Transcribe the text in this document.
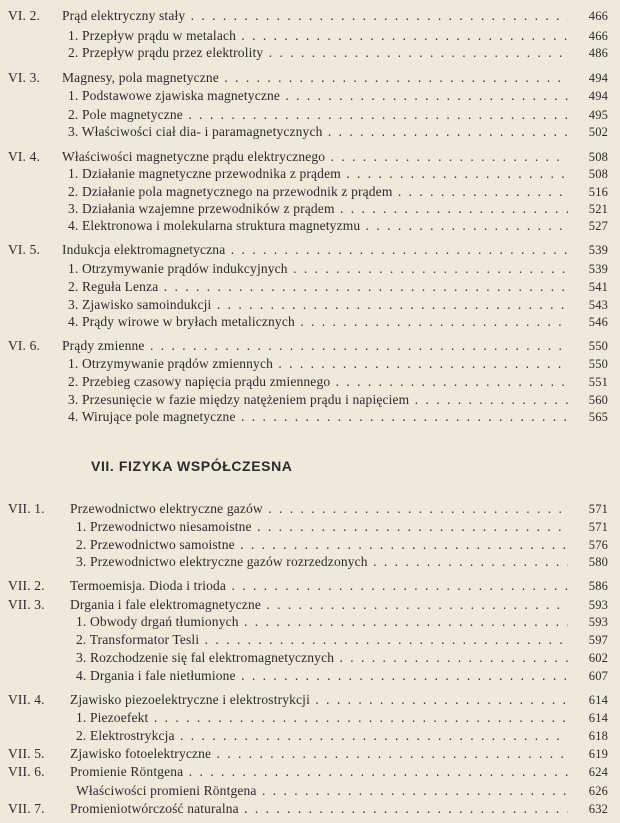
VI. 2. Prąd elektryczny stały . . .	466
1. Przepływ prądu w metalach . . .	466
2. Przepływ prądu przez elektrolity . . .	486
VI. 3. Magnesy, pola magnetyczne . . .	494
1. Podstawowe zjawiska magnetyczne . . .	494
2. Pole magnetyczne . . .	495
3. Właściwości ciał dia- i paramagnetycznych . . .	502
VI. 4. Właściwości magnetyczne prądu elektrycznego . . .	508
1. Działanie magnetyczne przewodnika z prądem . . .	508
2. Działanie pola magnetycznego na przewodnik z prądem . . .	516
3. Działania wzajemne przewodników z prądem . . .	521
4. Elektronowa i molekularna struktura magnetyzmu . . .	527
VI. 5. Indukcja elektromagnetyczna . . .	539
1. Otrzymywanie prądów indukcyjnych . . .	539
2. Reguła Lenza . . .	541
3. Zjawisko samoindukcji . . .	543
4. Prądy wirowe w bryłach metalicznych . . .	546
VI. 6. Prądy zmienne . . .	550
1. Otrzymywanie prądów zmiennych . . .	550
2. Przebieg czasowy napięcia prądu zmiennego . . .	551
3. Przesunięcie w fazie między natężeniem prądu i napięciem . . .	560
4. Wirujące pole magnetyczne . . .	565
VII. FIZYKA WSPÓŁCZESNA
VII. 1. Przewodnictwo elektryczne gazów . . .	571
1. Przewodnictwo niesamoistne . . .	571
2. Przewodnictwo samoistne . . .	576
3. Przewodnictwo elektryczne gazów rozrzedzonych . . .	580
VII. 2. Termoemisja. Dioda i trioda . . .	586
VII. 3. Drgania i fale elektromagnetyczne . . .	593
1. Obwody drgań tłumionych . . .	593
2. Transformator Tesli . . .	597
3. Rozchodzenie się fal elektromagnetycznych . . .	602
4. Drgania i fale nietłumione . . .	607
VII. 4. Zjawisko piezoelektryczne i elektrostrykcji . . .	614
1. Piezoefekt . . .	614
2. Elektrostrykcja . . .	618
VII. 5. Zjawisko fotoelektryczne . . .	619
VII. 6. Promienie Röntgena . . .	624
Właściwości promieni Röntgena . . .	626
VII. 7. Promieniotwórczość naturalna . . .	632
